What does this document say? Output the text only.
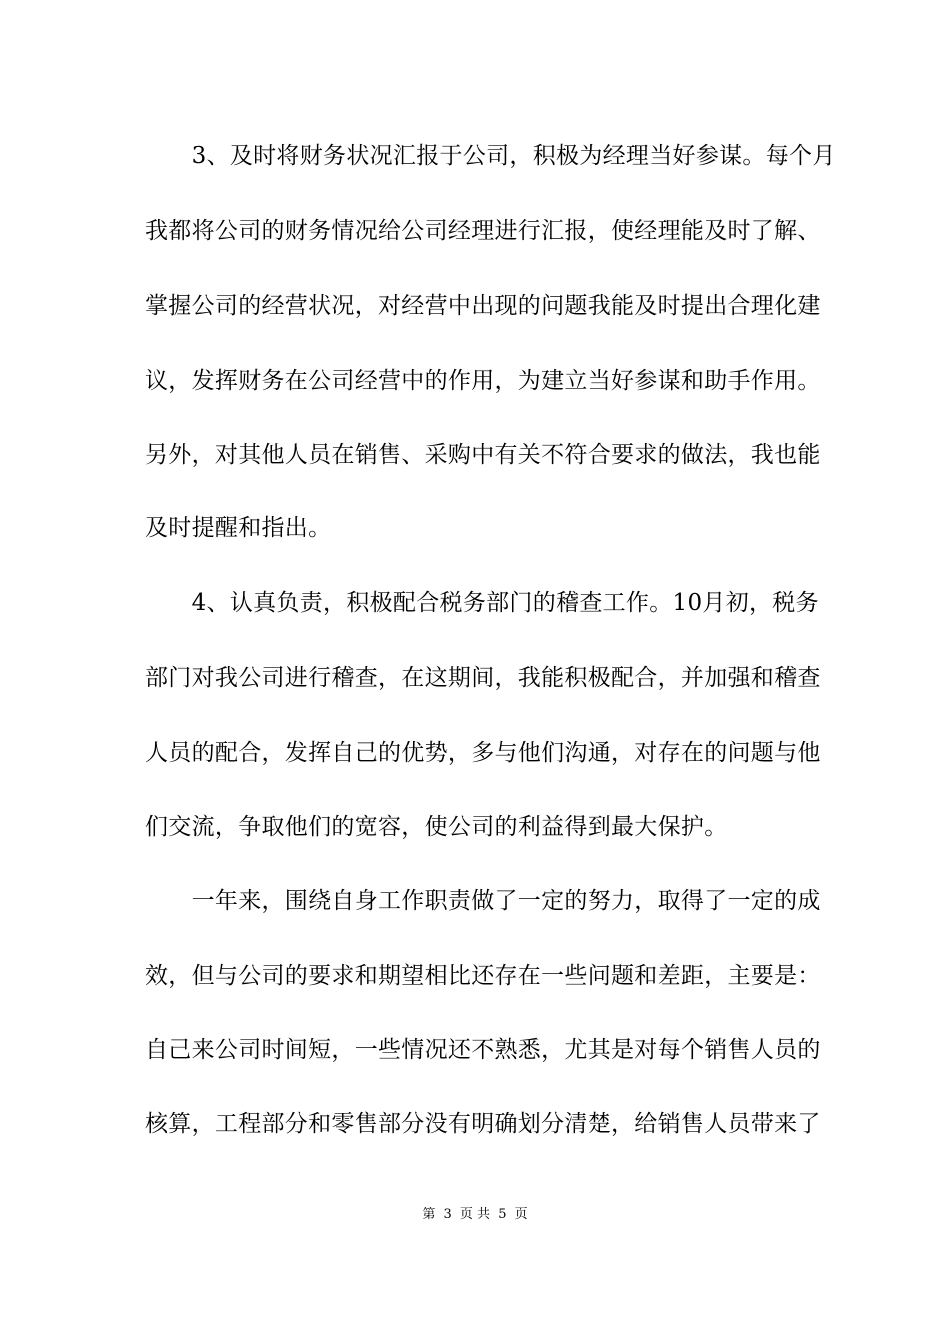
　　3、及时将财务状况汇报于公司，积极为经理当好参谋。每个月
我都将公司的财务情况给公司经理进行汇报，使经理能及时了解、
掌握公司的经营状况，对经营中出现的问题我能及时提出合理化建
议，发挥财务在公司经营中的作用，为建立当好参谋和助手作用。
另外，对其他人员在销售、采购中有关不符合要求的做法，我也能
及时提醒和指出。
　　4、认真负责，积极配合税务部门的稽查工作。10月初，税务
部门对我公司进行稽查，在这期间，我能积极配合，并加强和稽查
人员的配合，发挥自己的优势，多与他们沟通，对存在的问题与他
们交流，争取他们的宽容，使公司的利益得到最大保护。
　　一年来，围绕自身工作职责做了一定的努力，取得了一定的成
效，但与公司的要求和期望相比还存在一些问题和差距，主要是：
自己来公司时间短，一些情况还不熟悉，尤其是对每个销售人员的
核算，工程部分和零售部分没有明确划分清楚，给销售人员带来了
第 3 页 共 5 页
